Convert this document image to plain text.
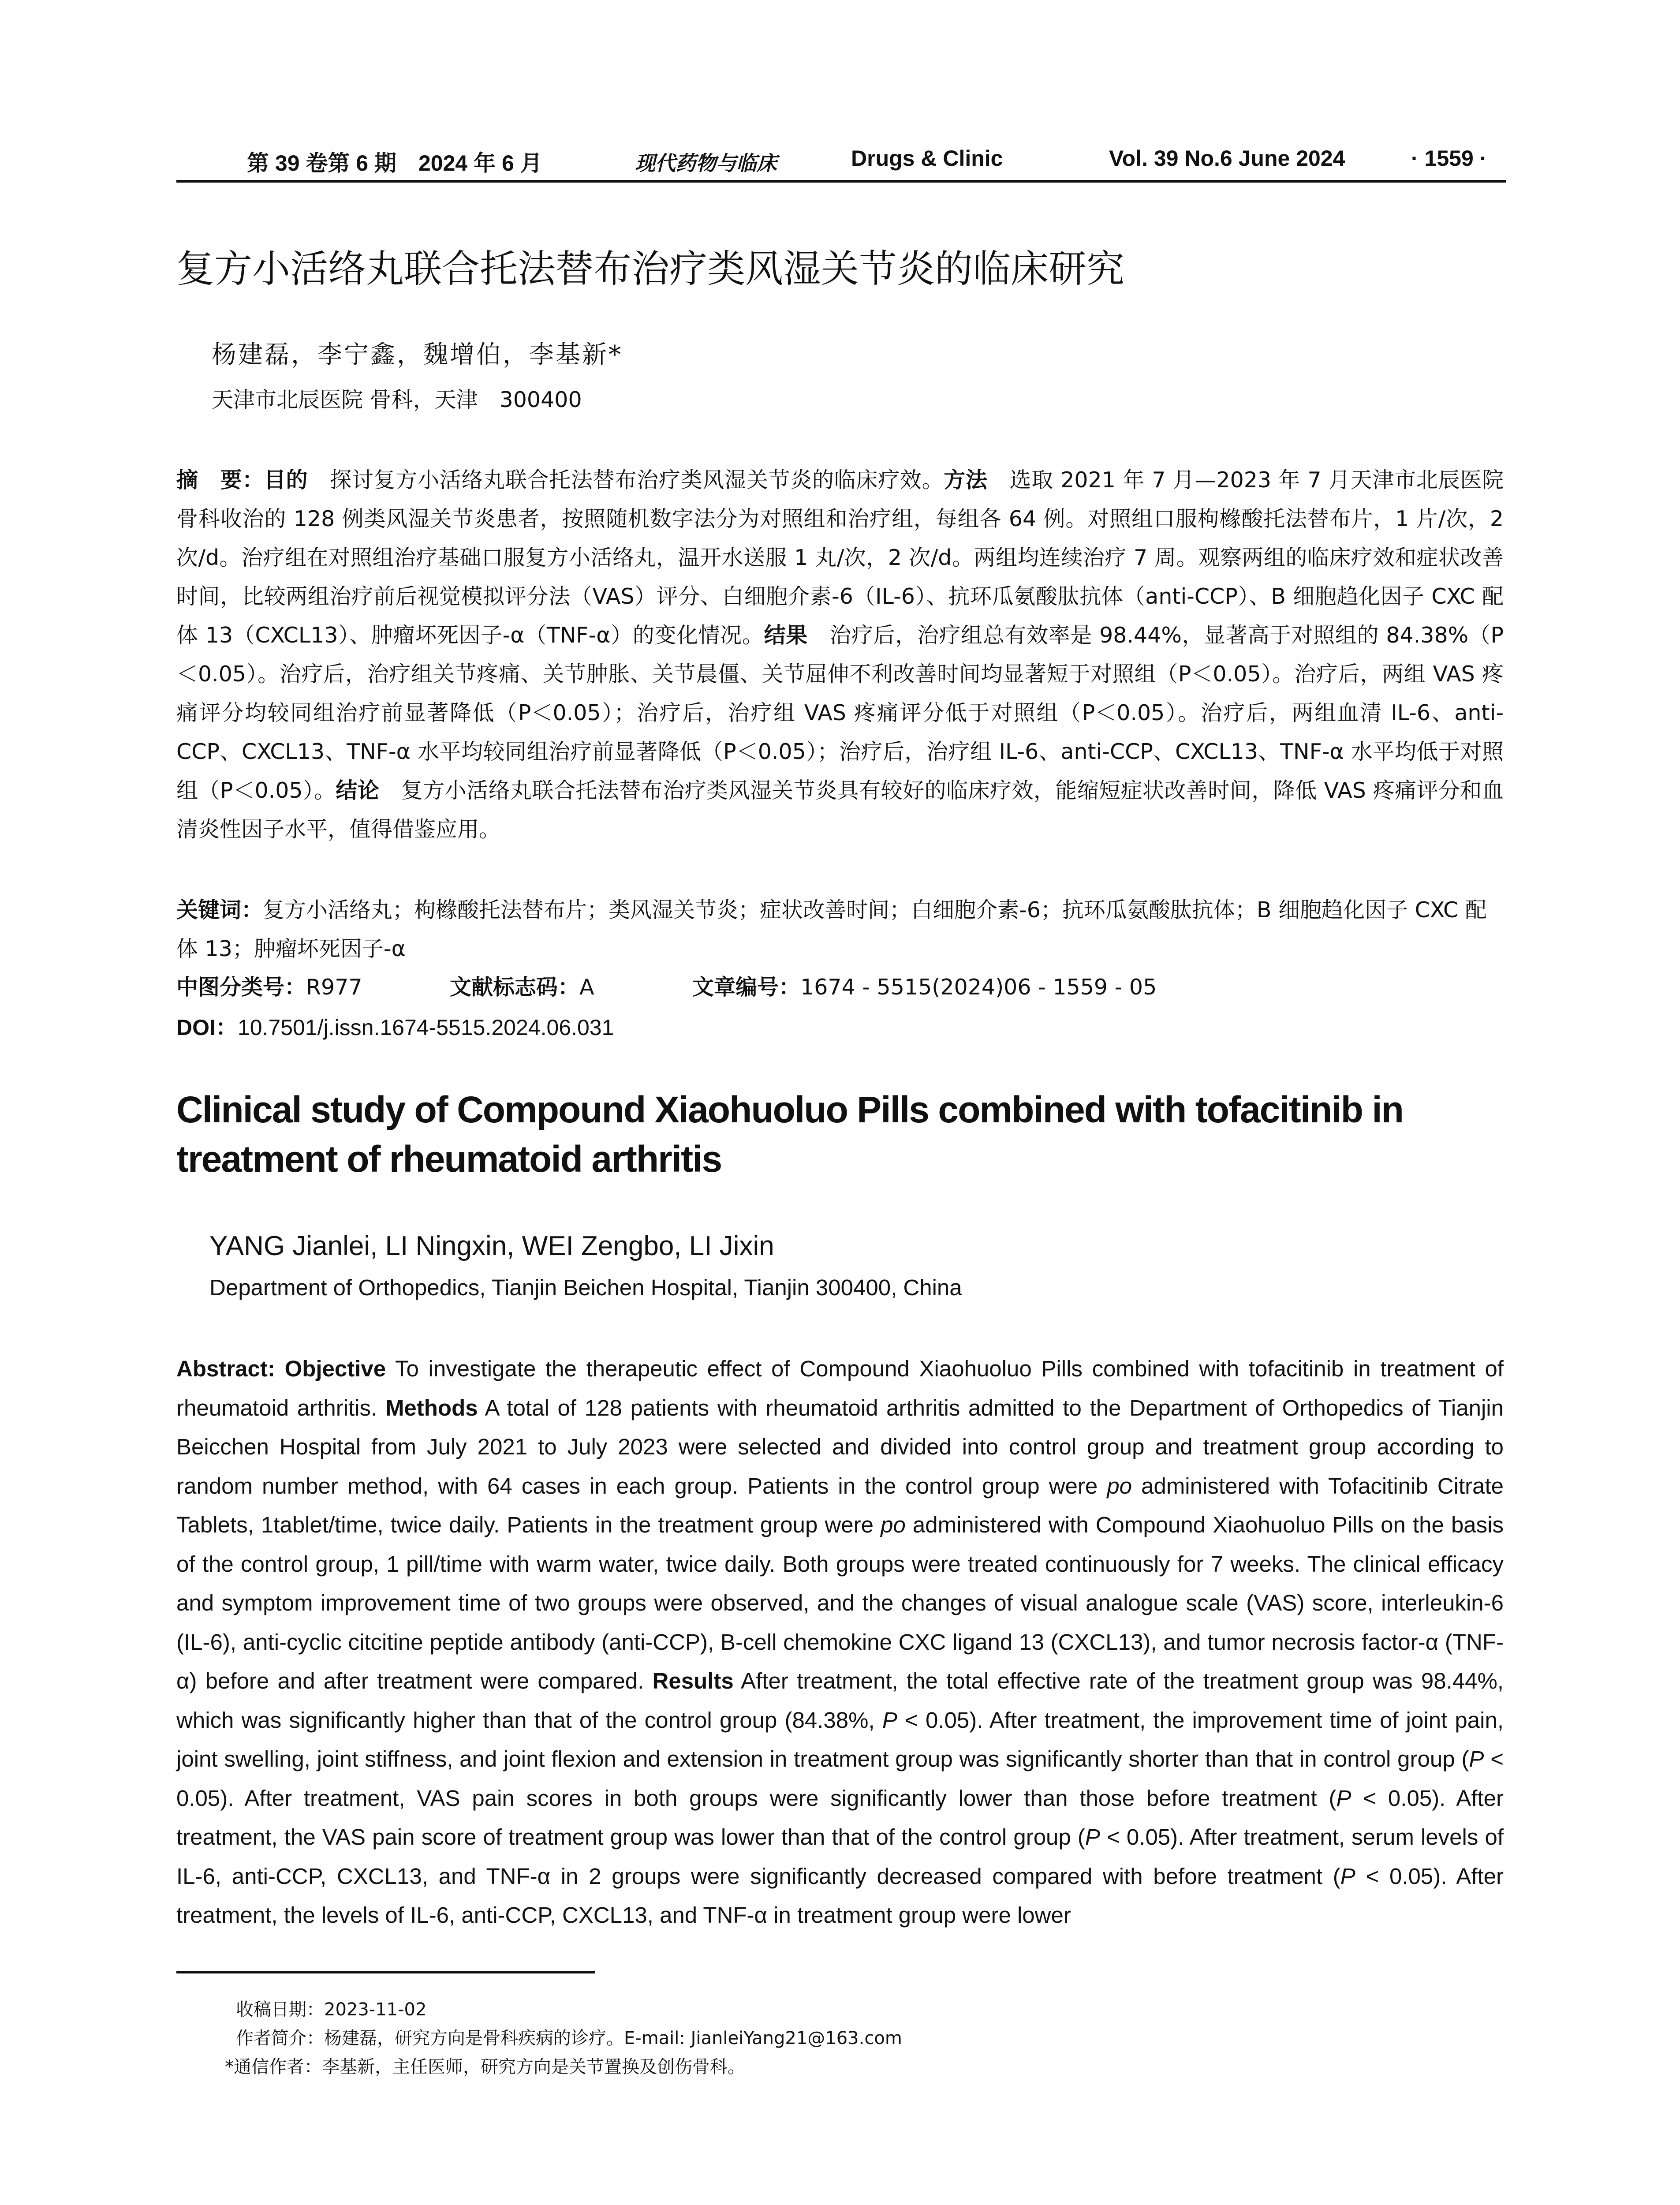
第 39 卷第 6 期　2024 年 6 月	现代药物与临床	Drugs & Clinic	Vol. 39 No.6 June 2024	· 1559 ·
复方小活络丸联合托法替布治疗类风湿关节炎的临床研究
杨建磊，李宁鑫，魏增伯，李基新*
天津市北辰医院 骨科，天津　300400

摘　要：目的　探讨复方小活络丸联合托法替布治疗类风湿关节炎的临床疗效。方法　选取 2021 年 7 月—2023 年 7 月天津市北辰医院骨科收治的 128 例类风湿关节炎患者，按照随机数字法分为对照组和治疗组，每组各 64 例。对照组口服枸橼酸托法替布片，1 片/次，2 次/d。治疗组在对照组治疗基础口服复方小活络丸，温开水送服 1 丸/次，2 次/d。两组均连续治疗 7 周。观察两组的临床疗效和症状改善时间，比较两组治疗前后视觉模拟评分法（VAS）评分、白细胞介素-6（IL-6）、抗环瓜氨酸肽抗体（anti-CCP）、B 细胞趋化因子 CXC 配体 13（CXCL13）、肿瘤坏死因子-α（TNF-α）的变化情况。结果　治疗后，治疗组总有效率是 98.44%，显著高于对照组的 84.38%（P＜0.05）。治疗后，治疗组关节疼痛、关节肿胀、关节晨僵、关节屈伸不利改善时间均显著短于对照组（P＜0.05）。治疗后，两组 VAS 疼痛评分均较同组治疗前显著降低（P＜0.05）；治疗后，治疗组 VAS 疼痛评分低于对照组（P＜0.05）。治疗后，两组血清 IL-6、anti-CCP、CXCL13、TNF-α 水平均较同组治疗前显著降低（P＜0.05）；治疗后，治疗组 IL-6、anti-CCP、CXCL13、TNF-α 水平均低于对照组（P＜0.05）。结论　复方小活络丸联合托法替布治疗类风湿关节炎具有较好的临床疗效，能缩短症状改善时间，降低 VAS 疼痛评分和血清炎性因子水平，值得借鉴应用。

关键词：复方小活络丸；枸橼酸托法替布片；类风湿关节炎；症状改善时间；白细胞介素-6；抗环瓜氨酸肽抗体；B 细胞趋化因子 CXC 配体 13；肿瘤坏死因子-α

中图分类号：R977	文献标志码：A	文章编号：1674 - 5515(2024)06 - 1559 - 05
DOI：10.7501/j.issn.1674-5515.2024.06.031

Clinical study of Compound Xiaohuoluo Pills combined with tofacitinib in treatment of rheumatoid arthritis

YANG Jianlei, LI Ningxin, WEI Zengbo, LI Jixin
Department of Orthopedics, Tianjin Beichen Hospital, Tianjin 300400, China

Abstract: Objective To investigate the therapeutic effect of Compound Xiaohuoluo Pills combined with tofacitinib in treatment of rheumatoid arthritis. Methods A total of 128 patients with rheumatoid arthritis admitted to the Department of Orthopedics of Tianjin Beicchen Hospital from July 2021 to July 2023 were selected and divided into control group and treatment group according to random number method, with 64 cases in each group. Patients in the control group were po administered with Tofacitinib Citrate Tablets, 1tablet/time, twice daily. Patients in the treatment group were po administered with Compound Xiaohuoluo Pills on the basis of the control group, 1 pill/time with warm water, twice daily. Both groups were treated continuously for 7 weeks. The clinical efficacy and symptom improvement time of two groups were observed, and the changes of visual analogue scale (VAS) score, interleukin-6 (IL-6), anti-cyclic citcitine peptide antibody (anti-CCP), B-cell chemokine CXC ligand 13 (CXCL13), and tumor necrosis factor-α (TNF-α) before and after treatment were compared. Results After treatment, the total effective rate of the treatment group was 98.44%, which was significantly higher than that of the control group (84.38%, P < 0.05). After treatment, the improvement time of joint pain, joint swelling, joint stiffness, and joint flexion and extension in treatment group was significantly shorter than that in control group (P < 0.05). After treatment, VAS pain scores in both groups were significantly lower than those before treatment (P < 0.05). After treatment, the VAS pain score of treatment group was lower than that of the control group (P < 0.05). After treatment, serum levels of IL-6, anti-CCP, CXCL13, and TNF-α in 2 groups were significantly decreased compared with before treatment (P < 0.05). After treatment, the levels of IL-6, anti-CCP, CXCL13, and TNF-α in treatment group were lower

收稿日期：2023-11-02
作者简介：杨建磊，研究方向是骨科疾病的诊疗。E-mail: JianleiYang21@163.com
*通信作者：李基新，主任医师，研究方向是关节置换及创伤骨科。
